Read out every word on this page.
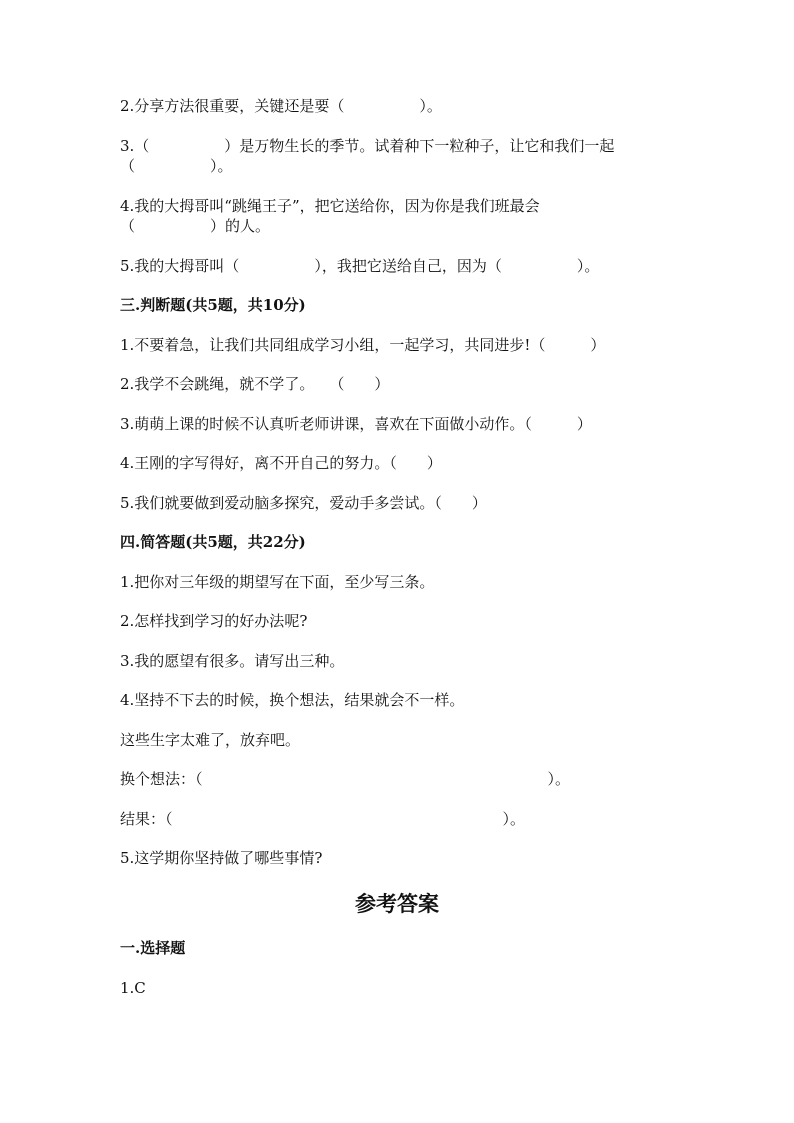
2.分享方法很重要，关键还是要（　　　　　）。
3.（　　　　　）是万物生长的季节。试着种下一粒种子，让它和我们一起
（　　　　　）。
4.我的大拇哥叫“跳绳王子”，把它送给你，因为你是我们班最会
（　　　　　）的人。
5.我的大拇哥叫（　　　　　），我把它送给自己，因为（　　　　　）。
三.判断题(共5题，共10分)
1.不要着急，让我们共同组成学习小组，一起学习，共同进步!（　　　）
2.我学不会跳绳，就不学了。　　（　　）
3.萌萌上课的时候不认真听老师讲课，喜欢在下面做小动作。（　　　）
4.王刚的字写得好，离不开自己的努力。（　　）
5.我们就要做到爱动脑多探究，爱动手多尝试。（　　）
四.简答题(共5题，共22分)
1.把你对三年级的期望写在下面，至少写三条。
2.怎样找到学习的好办法呢?
3.我的愿望有很多。请写出三种。
4.坚持不下去的时候，换个想法，结果就会不一样。
这些生字太难了，放弃吧。
换个想法：（　　　　　　　　　　　　　　　　　　　　　　　）。
结果：（　　　　　　　　　　　　　　　　　　　　　　）。
5.这学期你坚持做了哪些事情?
参考答案
一.选择题
1.C
